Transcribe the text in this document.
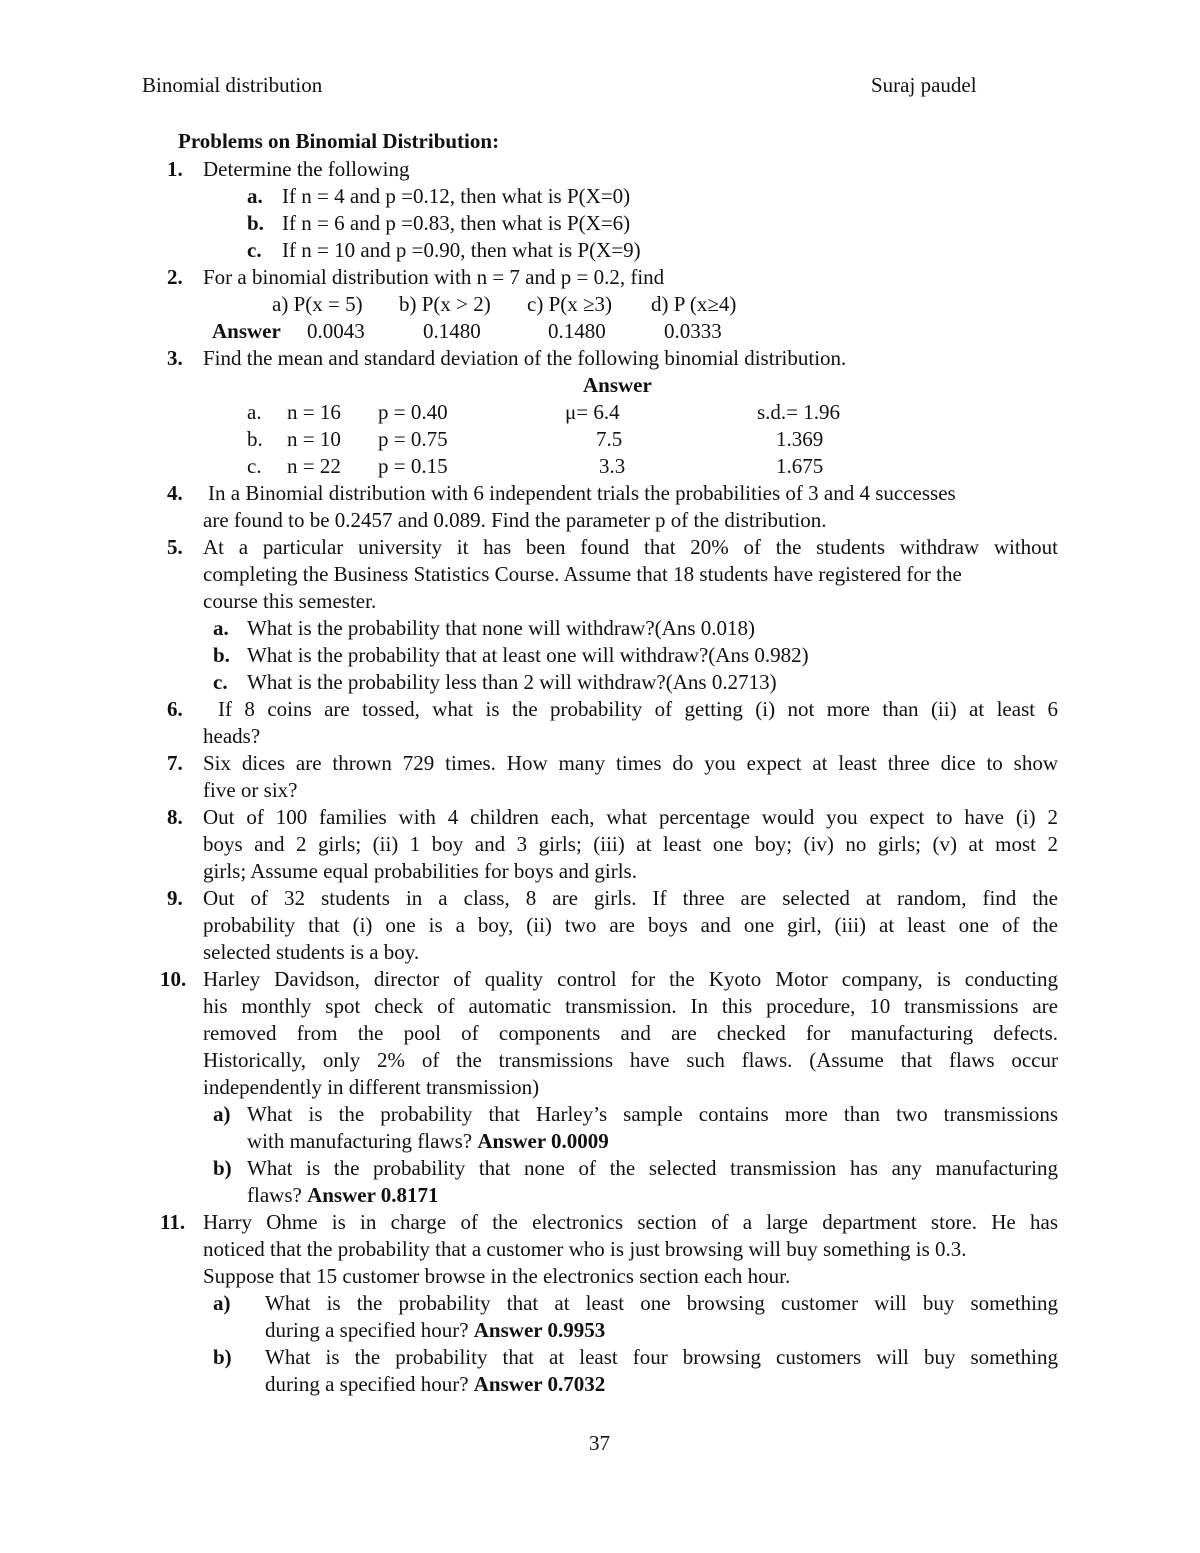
Binomial distribution	Suraj paudel
Problems on Binomial Distribution:
1. Determine the following
a. If n = 4 and p =0.12, then what is P(X=0)
b. If n = 6 and p =0.83, then what is P(X=6)
c. If n = 10 and p =0.90, then what is P(X=9)
2. For a binomial distribution with n = 7 and p = 0.2, find
a) P(x = 5) b) P(x > 2) c) P(x ≥3) d) P (x≥4)
Answer 0.0043	0.1480	0.1480	0.0333
3. Find the mean and standard deviation of the following binomial distribution.
Answer
a. n = 16 p = 0.40	μ= 6.4	s.d.= 1.96
b. n = 10 p = 0.75	7.5	1.369
c. n = 22 p = 0.15	3.3	1.675
4. In a Binomial distribution with 6 independent trials the probabilities of 3 and 4 successes
are found to be 0.2457 and 0.089. Find the parameter p of the distribution.
5. At a particular university it has been found that 20% of the students withdraw without
completing the Business Statistics Course. Assume that 18 students have registered for the
course this semester.
a. What is the probability that none will withdraw?(Ans 0.018)
b. What is the probability that at least one will withdraw?(Ans 0.982)
c. What is the probability less than 2 will withdraw?(Ans 0.2713)
6. If 8 coins are tossed, what is the probability of getting (i) not more than (ii) at least 6
heads?
7. Six dices are thrown 729 times. How many times do you expect at least three dice to show
five or six?
8. Out of 100 families with 4 children each, what percentage would you expect to have (i) 2
boys and 2 girls; (ii) 1 boy and 3 girls; (iii) at least one boy; (iv) no girls; (v) at most 2
girls; Assume equal probabilities for boys and girls.
9. Out of 32 students in a class, 8 are girls. If three are selected at random, find the
probability that (i) one is a boy, (ii) two are boys and one girl, (iii) at least one of the
selected students is a boy.
10. Harley Davidson, director of quality control for the Kyoto Motor company, is conducting
his monthly spot check of automatic transmission. In this procedure, 10 transmissions are
removed from the pool of components and are checked for manufacturing defects.
Historically, only 2% of the transmissions have such flaws. (Assume that flaws occur
independently in different transmission)
a) What is the probability that Harley’s sample contains more than two transmissions
with manufacturing flaws? Answer 0.0009
b) What is the probability that none of the selected transmission has any manufacturing
flaws? Answer 0.8171
11. Harry Ohme is in charge of the electronics section of a large department store. He has
noticed that the probability that a customer who is just browsing will buy something is 0.3.
Suppose that 15 customer browse in the electronics section each hour.
a) What is the probability that at least one browsing customer will buy something
during a specified hour? Answer 0.9953
b) What is the probability that at least four browsing customers will buy something
during a specified hour? Answer 0.7032
37
